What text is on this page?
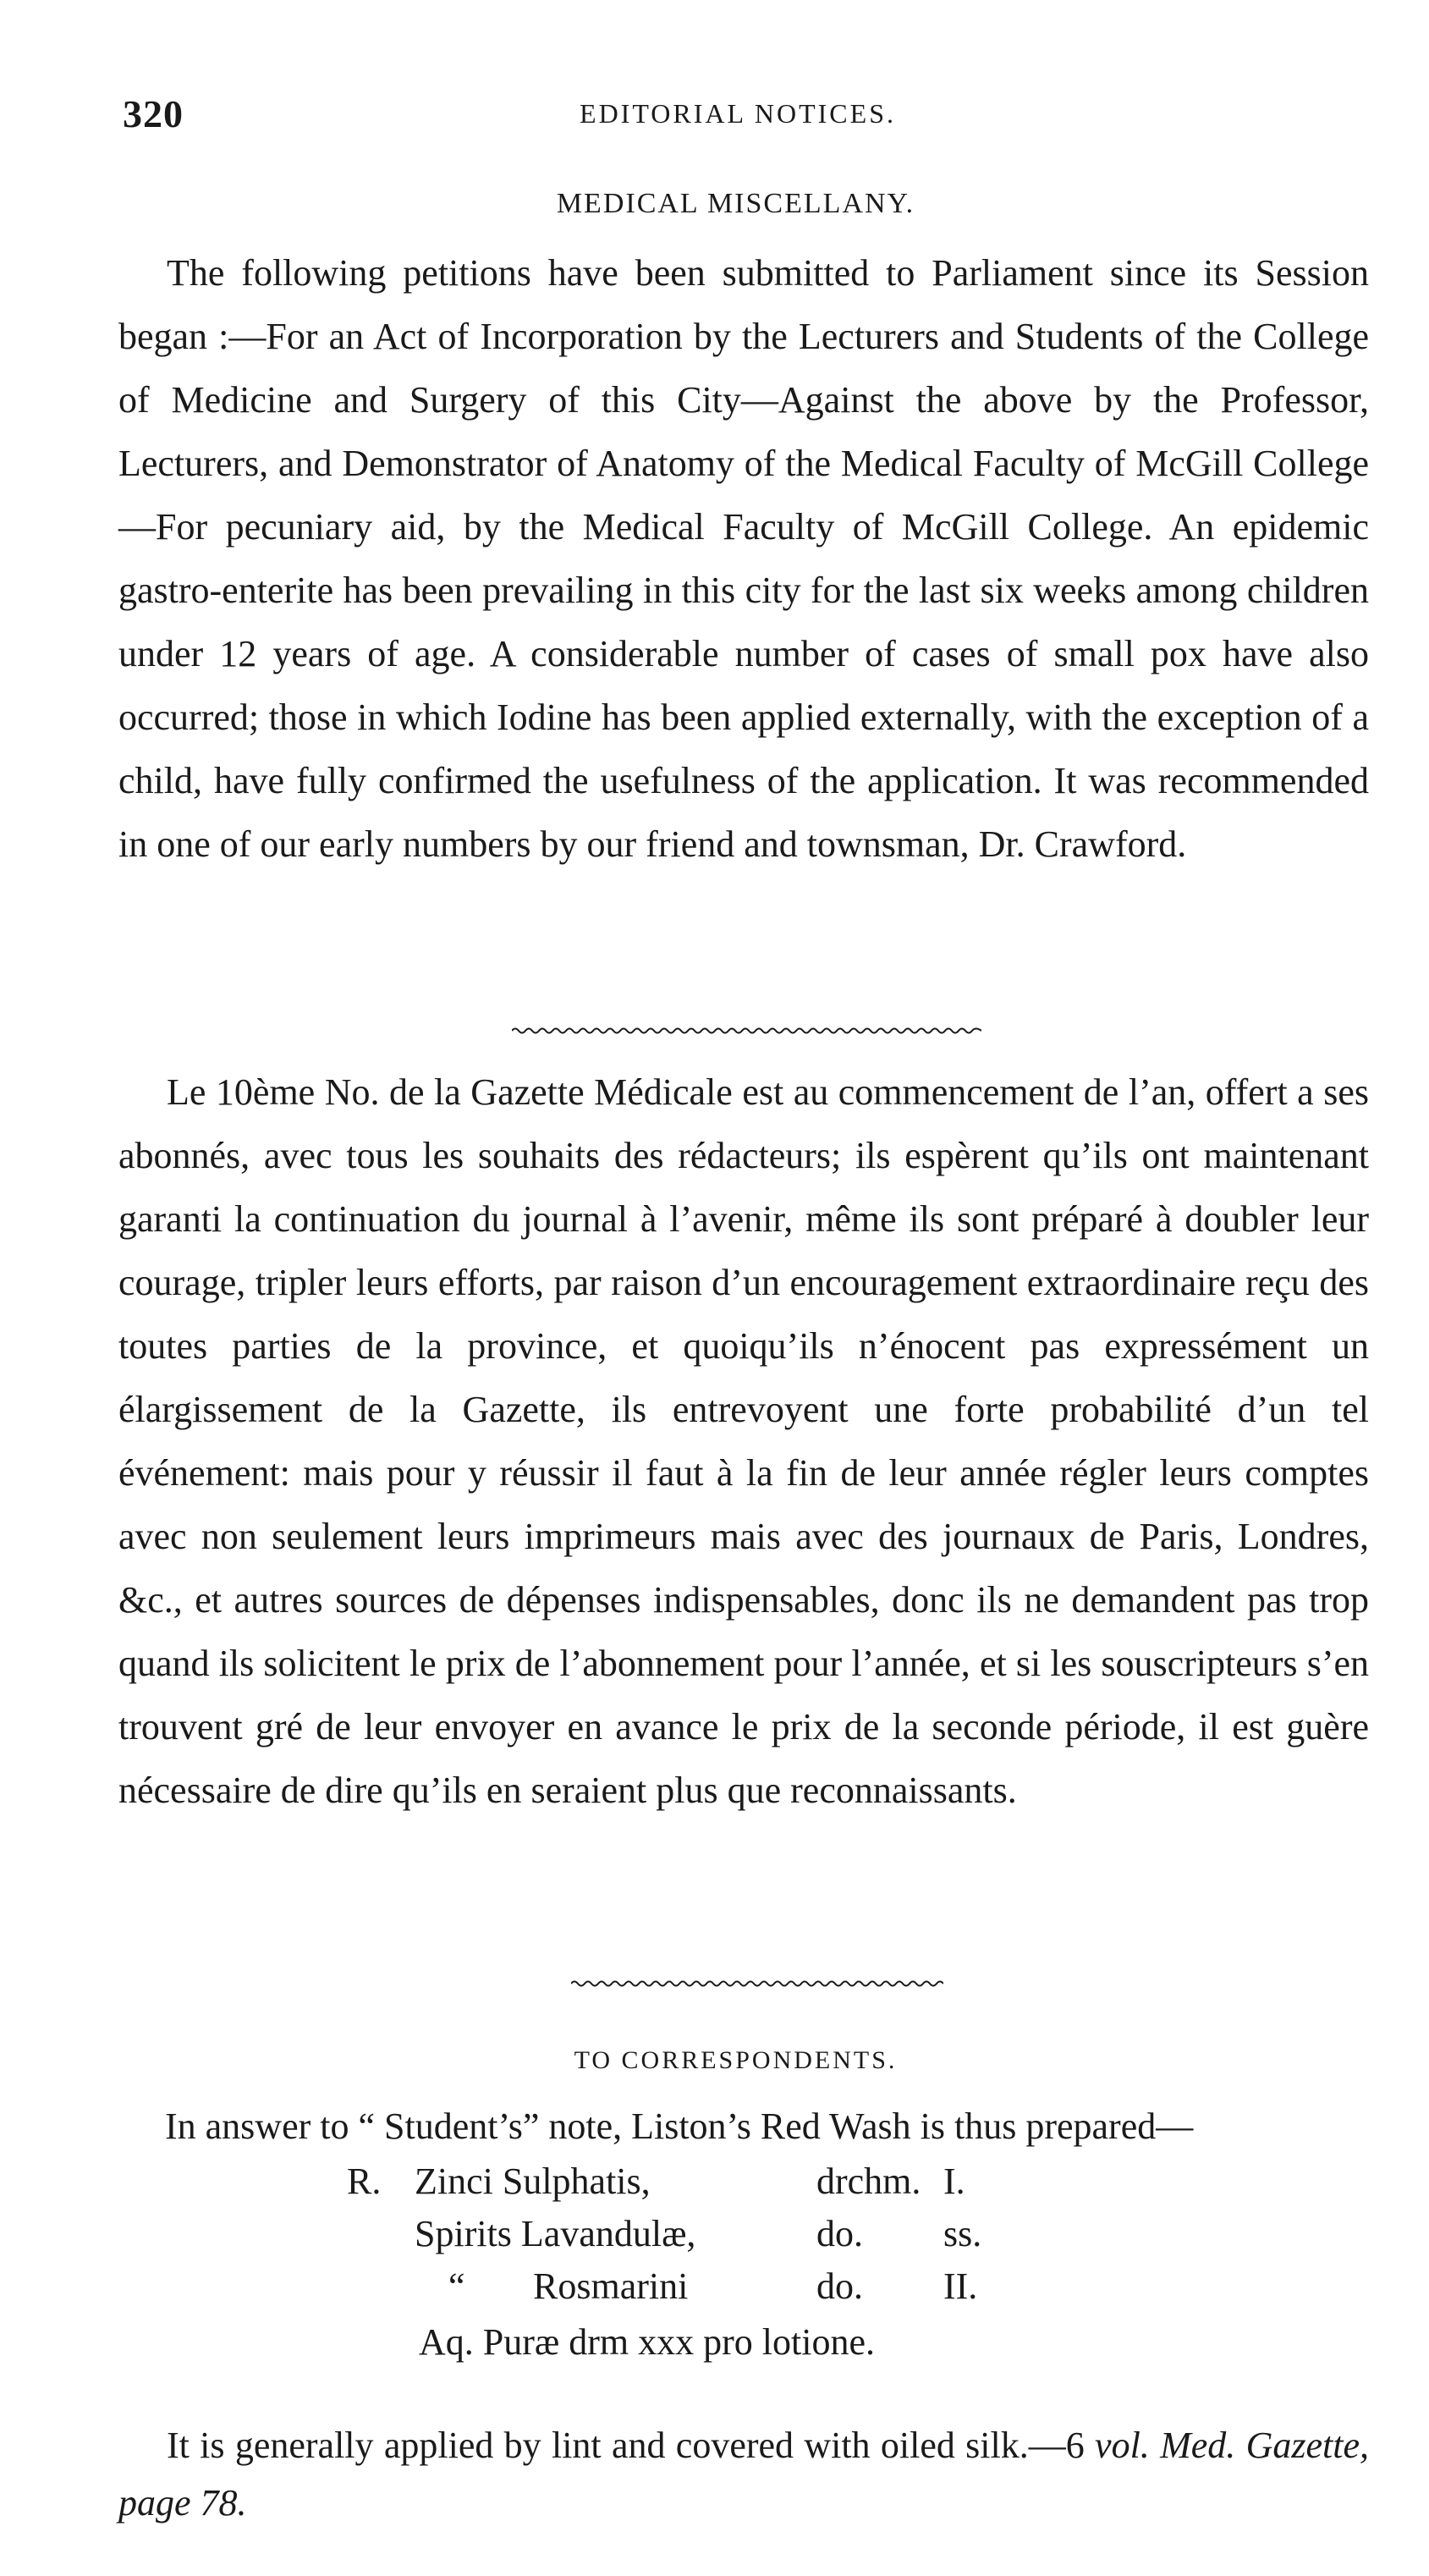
320	EDITORIAL NOTICES.
MEDICAL MISCELLANY.

The following petitions have been submitted to Parliament since its Session began :—For an Act of Incorporation by the Lecturers and Students of the College of Medicine and Surgery of this City—Against the above by the Professor, Lecturers, and Demonstrator of Anatomy of the Medical Faculty of McGill College—For pecuniary aid, by the Medical Faculty of McGill College. An epidemic gastro-enterite has been prevailing in this city for the last six weeks among children under 12 years of age. A considerable number of cases of small pox have also occurred; those in which Iodine has been applied externally, with the exception of a child, have fully confirmed the usefulness of the application. It was recommended in one of our early numbers by our friend and townsman, Dr. Crawford.

Le 10ème No. de la Gazette Médicale est au commencement de l’an, offert a ses abonnés, avec tous les souhaits des rédacteurs; ils espèrent qu’ils ont maintenant garanti la continuation du journal à l’avenir, même ils sont préparé à doubler leur courage, tripler leurs efforts, par raison d’un encouragement extraordinaire reçu des toutes parties de la province, et quoiqu’ils n’énocent pas expressément un élargissement de la Gazette, ils entrevoyent une forte probabilité d’un tel événement: mais pour y réussir il faut à la fin de leur année régler leurs comptes avec non seulement leurs imprimeurs mais avec des journaux de Paris, Londres, &c., et autres sources de dépenses indispensables, donc ils ne demandent pas trop quand ils solicitent le prix de l’abonnement pour l’année, et si les souscripteurs s’en trouvent gré de leur envoyer en avance le prix de la seconde période, il est guère nécessaire de dire qu’ils en seraient plus que reconnaissants.

TO CORRESPONDENTS.
In answer to “ Student’s” note, Liston’s Red Wash is thus prepared—
R. Zinci Sulphatis,	drchm. I.
Spirits Lavandulæ,	do. ss.
“ Rosmarini	do. II.
Aq. Puræ drm xxx pro lotione.

It is generally applied by lint and covered with oiled silk.—6 vol. Med. Gazette, page 78.
